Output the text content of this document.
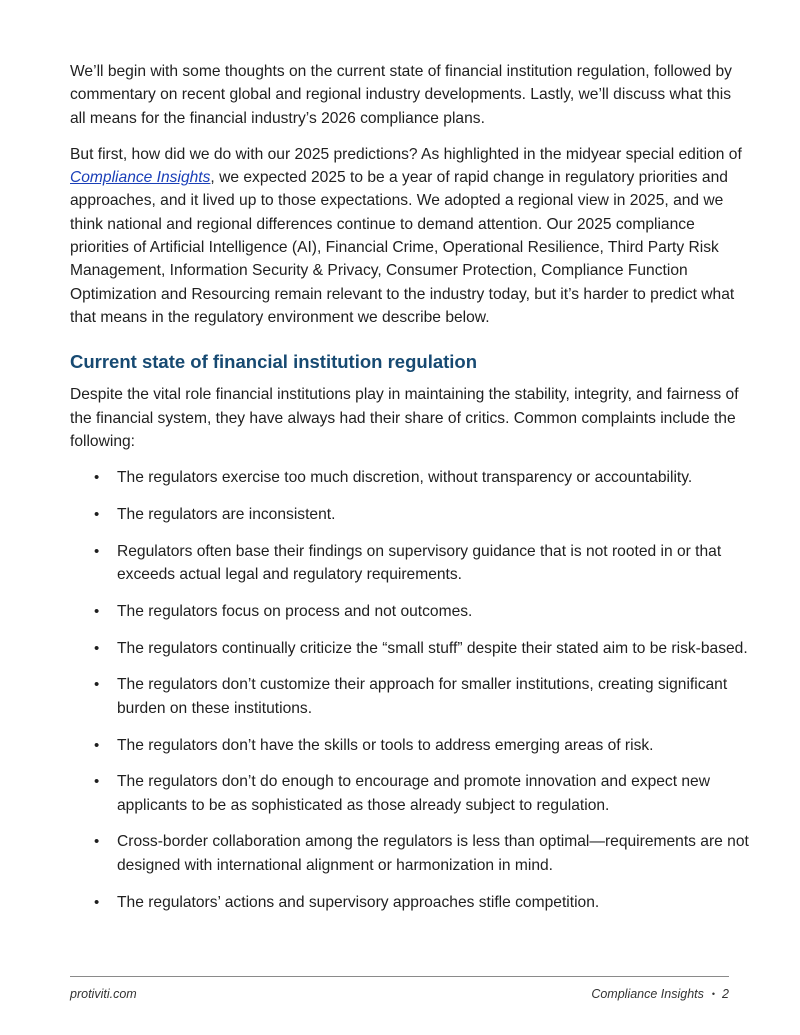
We’ll begin with some thoughts on the current state of financial institution regulation, followed by commentary on recent global and regional industry developments. Lastly, we’ll discuss what this all means for the financial industry’s 2026 compliance plans.

But first, how did we do with our 2025 predictions? As highlighted in the midyear special edition of Compliance Insights, we expected 2025 to be a year of rapid change in regulatory priorities and approaches, and it lived up to those expectations. We adopted a regional view in 2025, and we think national and regional differences continue to demand attention. Our 2025 compliance priorities of Artificial Intelligence (AI), Financial Crime, Operational Resilience, Third Party Risk Management, Information Security & Privacy, Consumer Protection, Compliance Function Optimization and Resourcing remain relevant to the industry today, but it’s harder to predict what that means in the regulatory environment we describe below.

Current state of financial institution regulation

Despite the vital role financial institutions play in maintaining the stability, integrity, and fairness of the financial system, they have always had their share of critics. Common complaints include the following:

• The regulators exercise too much discretion, without transparency or accountability.
• The regulators are inconsistent.
• Regulators often base their findings on supervisory guidance that is not rooted in or that exceeds actual legal and regulatory requirements.
• The regulators focus on process and not outcomes.
• The regulators continually criticize the “small stuff” despite their stated aim to be risk-based.
• The regulators don’t customize their approach for smaller institutions, creating significant burden on these institutions.
• The regulators don’t have the skills or tools to address emerging areas of risk.
• The regulators don’t do enough to encourage and promote innovation and expect new applicants to be as sophisticated as those already subject to regulation.
• Cross-border collaboration among the regulators is less than optimal—requirements are not designed with international alignment or harmonization in mind.
• The regulators’ actions and supervisory approaches stifle competition.
protiviti.com	Compliance Insights • 2
